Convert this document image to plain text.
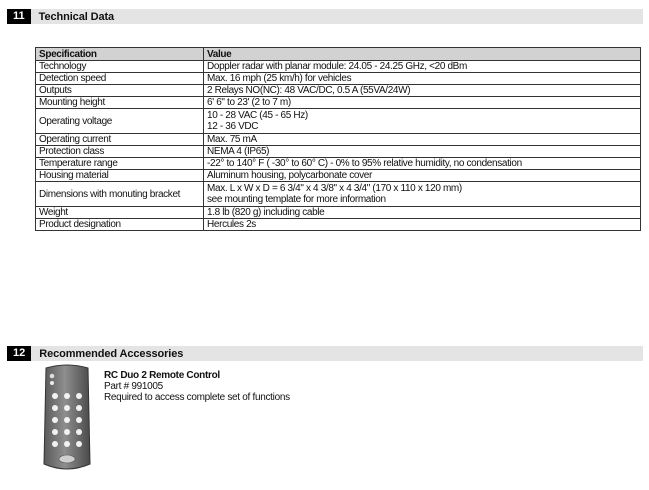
11	Technical Data
Specification	Value
Technology	Doppler radar with planar module: 24.05 - 24.25 GHz, <20 dBm

Detection speed	Max. 16 mph (25 km/h) for vehicles

Outputs	2 Relays NO(NC): 48 VAC/DC, 0.5 A (55VA/24W)

Mounting height	6' 6" to 23' (2 to 7 m)

Operating voltage	10 - 28 VAC (45 - 65 Hz)
12 - 36 VDC

Operating current	Max. 75 mA

Protection class	NEMA 4 (IP65)

Temperature range	-22° to 140° F ( -30° to 60° C) - 0% to 95% relative humidity, no condensation

Housing material	Aluminum housing, polycarbonate cover

Dimensions with monuting bracket	Max. L x W x D = 6 3/4" x 4 3/8" x 4 3/4" (170 x 110 x 120 mm)
see mounting template for more information

Weight	1.8 lb (820 g) including cable

Product designation	Hercules 2s
12	Recommended Accessories
RC Duo 2 Remote Control
Part # 991005
Required to access complete set of functions
